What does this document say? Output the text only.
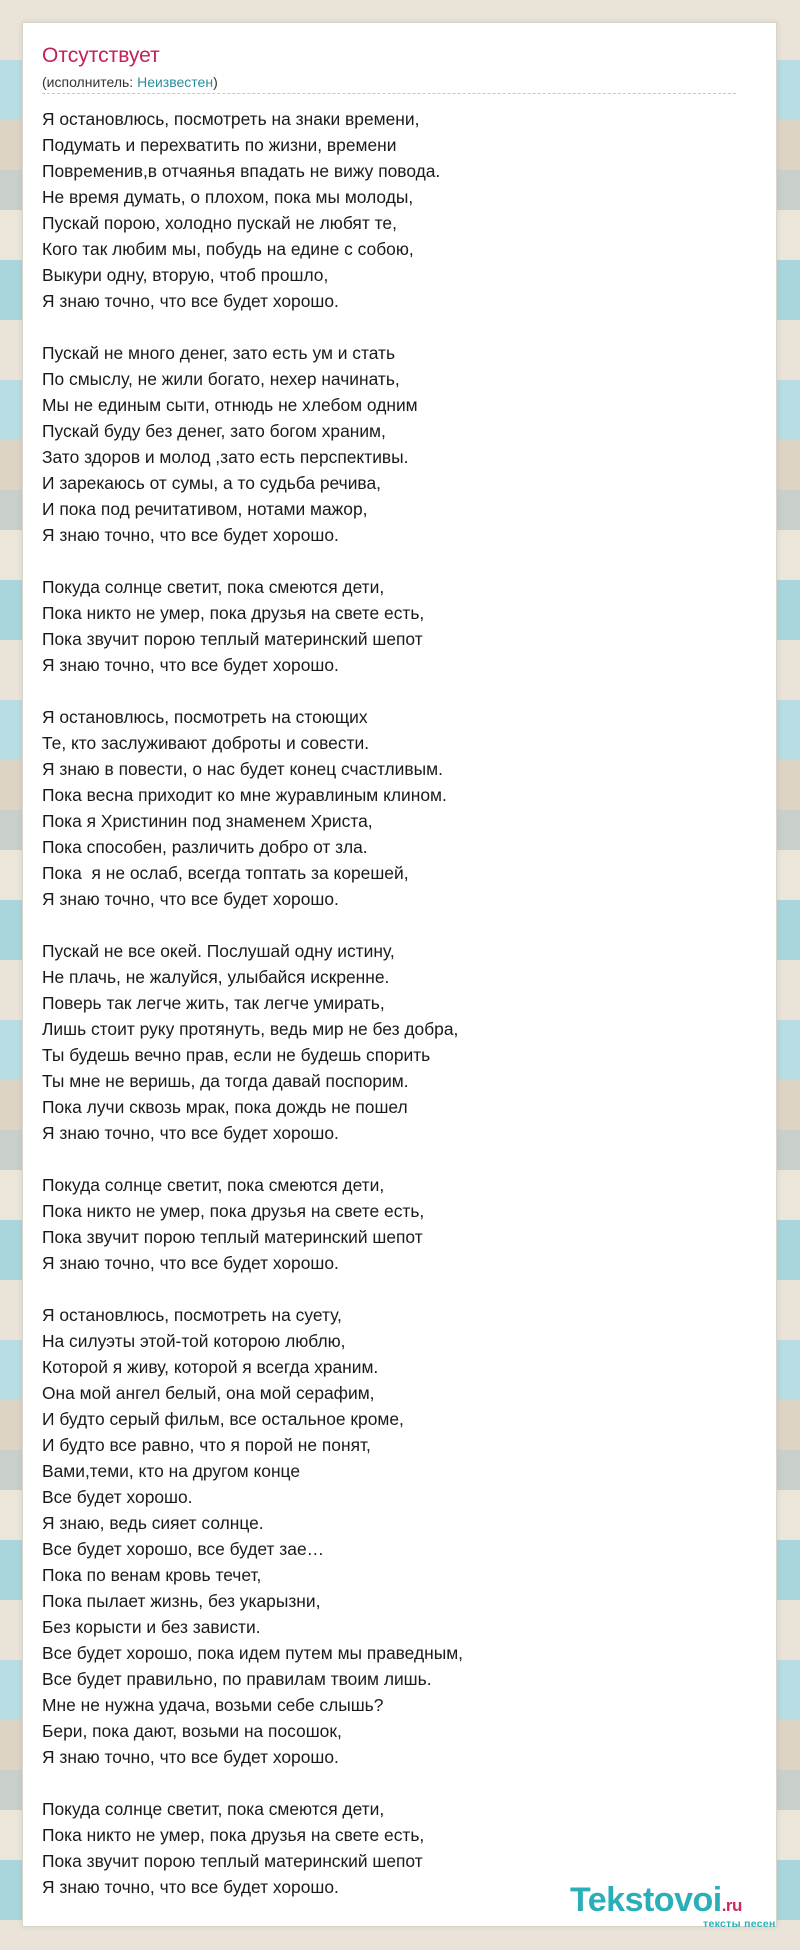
Отсутствует
(исполнитель: Неизвестен)
Я остановлюсь, посмотреть на знаки времени,
Подумать и перехватить по жизни, времени
Повременив,в отчаянья впадать не вижу повода.
Не время думать, о плохом, пока мы молоды,
Пускай порою, холодно пускай не любят те,
Кого так любим мы, побудь на едине с собою,
Выкури одну, вторую, чтоб прошло,
Я знаю точно, что все будет хорошо.
Пускай не много денег, зато есть ум и стать
По смыслу, не жили богато, нехер начинать,
Мы не единым сыти, отнюдь не хлебом одним
Пускай буду без денег, зато богом храним,
Зато здоров и молод ,зато есть перспективы.
И зарекаюсь от сумы, а то судьба речива,
И пока под речитативом, нотами мажор,
Я знаю точно, что все будет хорошо.
Покуда солнце светит, пока смеются дети,
Пока никто не умер, пока друзья на свете есть,
Пока звучит порою теплый материнский шепот
Я знаю точно, что все будет хорошо.
Я остановлюсь, посмотреть на стоющих
Те, кто заслуживают доброты и совести.
Я знаю в повести, о нас будет конец счастливым.
Пока весна приходит ко мне журавлиным клином.
Пока я Христинин под знаменем Христа,
Пока способен, различить добро от зла.
Пока  я не ослаб, всегда топтать за корешей,
Я знаю точно, что все будет хорошо.
Пускай не все окей. Послушай одну истину,
Не плачь, не жалуйся, улыбайся искренне.
Поверь так легче жить, так легче умирать,
Лишь стоит руку протянуть, ведь мир не без добра,
Ты будешь вечно прав, если не будешь спорить
Ты мне не веришь, да тогда давай поспорим.
Пока лучи сквозь мрак, пока дождь не пошел
Я знаю точно, что все будет хорошо.
Покуда солнце светит, пока смеются дети,
Пока никто не умер, пока друзья на свете есть,
Пока звучит порою теплый материнский шепот
Я знаю точно, что все будет хорошо.
Я остановлюсь, посмотреть на суету,
На силуэты этой-той которою люблю,
Которой я живу, которой я всегда храним.
Она мой ангел белый, она мой серафим,
И будто серый фильм, все остальное кроме,
И будто все равно, что я порой не понят,
Вами,теми, кто на другом конце
Все будет хорошо.
Я знаю, ведь сияет солнце.
Все будет хорошо, все будет зае…
Пока по венам кровь течет,
Пока пылает жизнь, без укарызни,
Без корысти и без зависти.
Все будет хорошо, пока идем путем мы праведным,
Все будет правильно, по правилам твоим лишь.
Мне не нужна удача, возьми себе слышь?
Бери, пока дают, возьми на посошок,
Я знаю точно, что все будет хорошо.
Покуда солнце светит, пока смеются дети,
Пока никто не умер, пока друзья на свете есть,
Пока звучит порою теплый материнский шепот
Я знаю точно, что все будет хорошо.	Tekstovoi.ru
тексты песен
